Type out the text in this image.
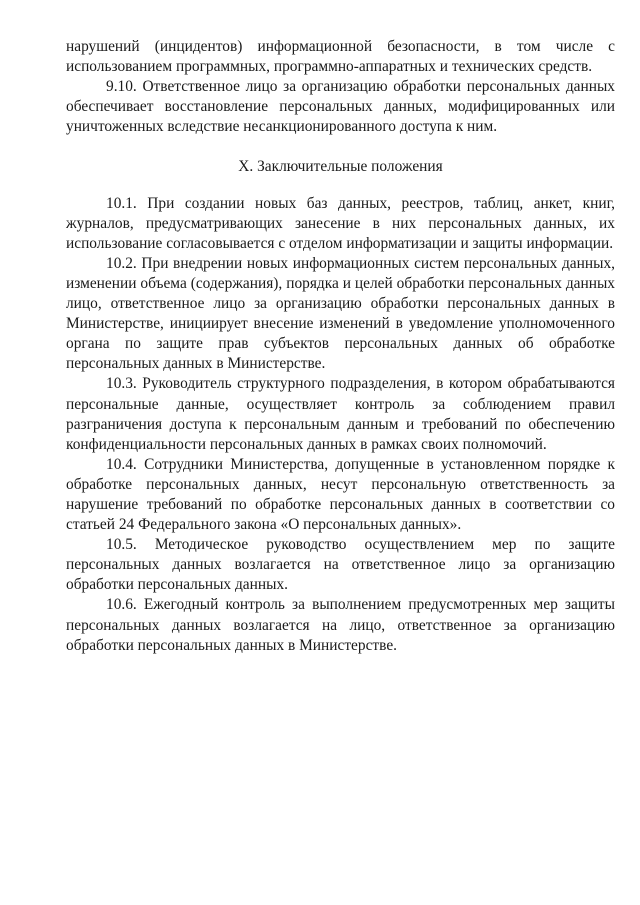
нарушений (инцидентов) информационной безопасности, в том числе с использованием программных, программно-аппаратных и технических средств.

9.10. Ответственное лицо за организацию обработки персональных данных обеспечивает восстановление персональных данных, модифицированных или уничтоженных вследствие несанкционированного доступа к ним.

X. Заключительные положения

10.1. При создании новых баз данных, реестров, таблиц, анкет, книг, журналов, предусматривающих занесение в них персональных данных, их использование согласовывается с отделом информатизации и защиты информации.

10.2. При внедрении новых информационных систем персональных данных, изменении объема (содержания), порядка и целей обработки персональных данных лицо, ответственное лицо за организацию обработки персональных данных в Министерстве, инициирует внесение изменений в уведомление уполномоченного органа по защите прав субъектов персональных данных об обработке персональных данных в Министерстве.

10.3. Руководитель структурного подразделения, в котором обрабатываются персональные данные, осуществляет контроль за соблюдением правил разграничения доступа к персональным данным и требований по обеспечению конфиденциальности персональных данных в рамках своих полномочий.

10.4. Сотрудники Министерства, допущенные в установленном порядке к обработке персональных данных, несут персональную ответственность за нарушение требований по обработке персональных данных в соответствии со статьей 24 Федерального закона «О персональных данных».

10.5. Методическое руководство осуществлением мер по защите персональных данных возлагается на ответственное лицо за организацию обработки персональных данных.

10.6. Ежегодный контроль за выполнением предусмотренных мер защиты персональных данных возлагается на лицо, ответственное за организацию обработки персональных данных в Министерстве.
